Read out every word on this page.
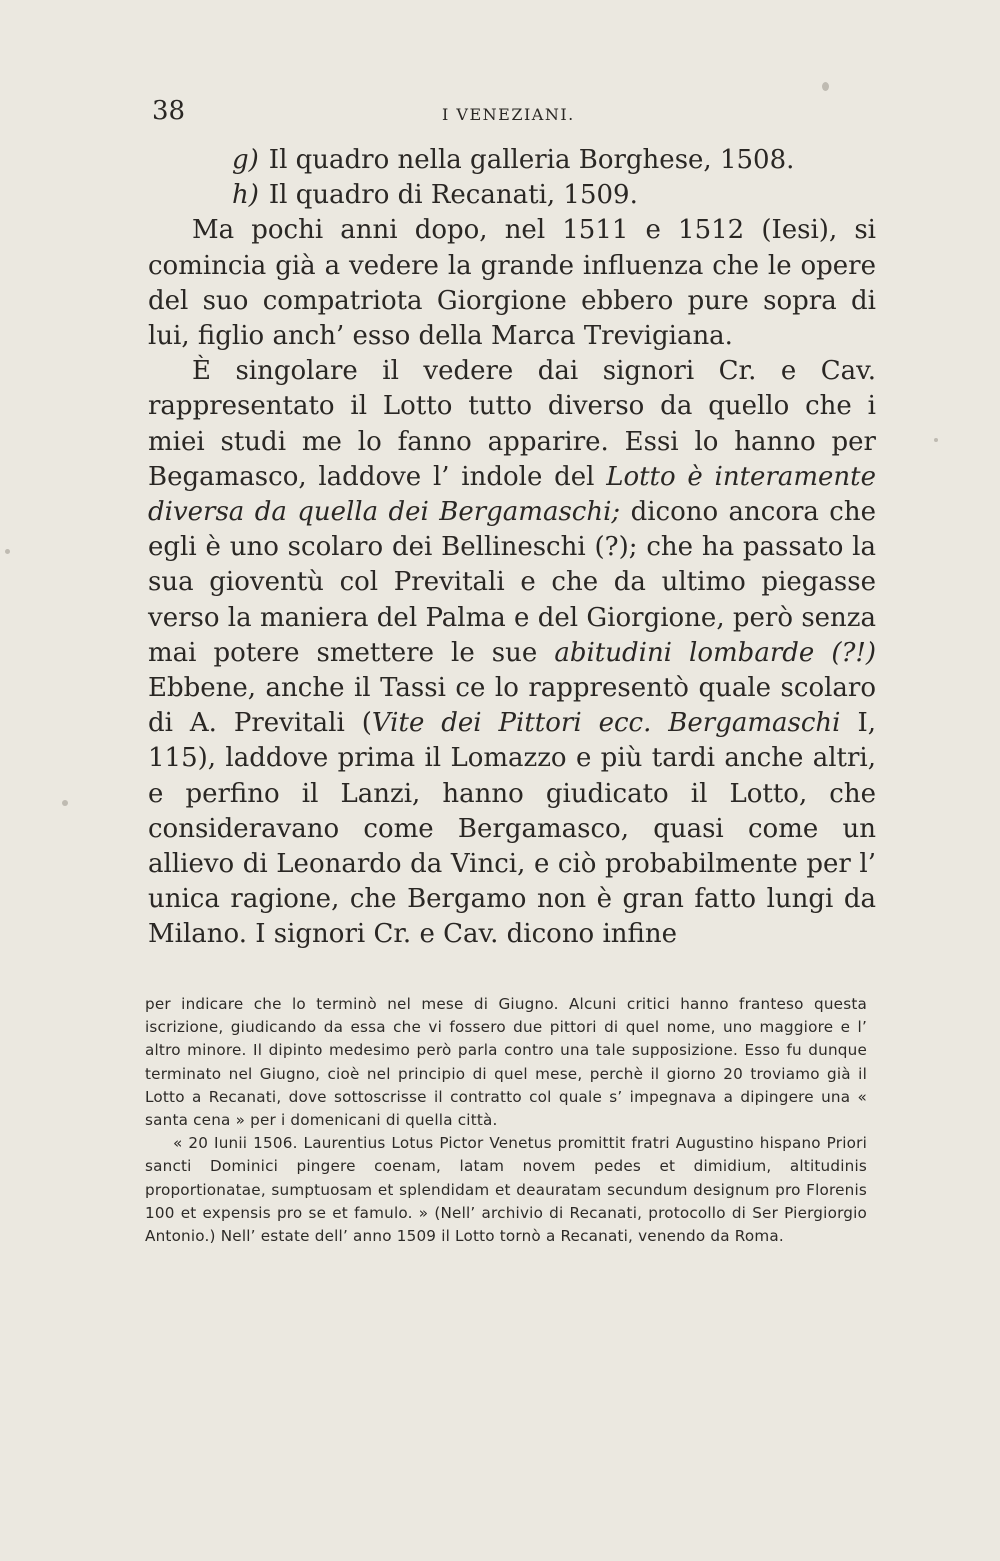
38	I VENEZIANI.

g) Il quadro nella galleria Borghese, 1508.

h) Il quadro di Recanati, 1509.

Ma pochi anni dopo, nel 1511 e 1512 (Iesi), si comincia già a vedere la grande influenza che le opere del suo compatriota Giorgione ebbero pure sopra di lui, figlio anch’ esso della Marca Trevigiana.

È singolare il vedere dai signori Cr. e Cav. rappresentato il Lotto tutto diverso da quello che i miei studi me lo fanno apparire. Essi lo hanno per Begamasco, laddove l’ indole del Lotto è interamente diversa da quella dei Bergamaschi; dicono ancora che egli è uno scolaro dei Bellineschi (?); che ha passato la sua gioventù col Previtali e che da ultimo piegasse verso la maniera del Palma e del Giorgione, però senza mai potere smettere le sue abitudini lombarde (?!) Ebbene, anche il Tassi ce lo rappresentò quale scolaro di A. Previtali (Vite dei Pittori ecc. Bergamaschi I, 115), laddove prima il Lomazzo e più tardi anche altri, e perfino il Lanzi, hanno giudicato il Lotto, che consideravano come Bergamasco, quasi come un allievo di Leonardo da Vinci, e ciò probabilmente per l’ unica ragione, che Bergamo non è gran fatto lungi da Milano. I signori Cr. e Cav. dicono infine

per indicare che lo terminò nel mese di Giugno. Alcuni critici hanno franteso questa iscrizione, giudicando da essa che vi fossero due pittori di quel nome, uno maggiore e l’ altro minore. Il dipinto medesimo però parla contro una tale supposizione. Esso fu dunque terminato nel Giugno, cioè nel principio di quel mese, perchè il giorno 20 troviamo già il Lotto a Recanati, dove sottoscrisse il contratto col quale s’ impegnava a dipingere una « santa cena » per i domenicani di quella città.

« 20 Iunii 1506. Laurentius Lotus Pictor Venetus promittit fratri Augustino hispano Priori sancti Dominici pingere coenam, latam novem pedes et dimidium, altitudinis proportionatae, sumptuosam et splendidam et deauratam secundum designum pro Florenis 100 et expensis pro se et famulo. » (Nell’ archivio di Recanati, protocollo di Ser Piergiorgio Antonio.) Nell’ estate dell’ anno 1509 il Lotto tornò a Recanati, venendo da Roma.
